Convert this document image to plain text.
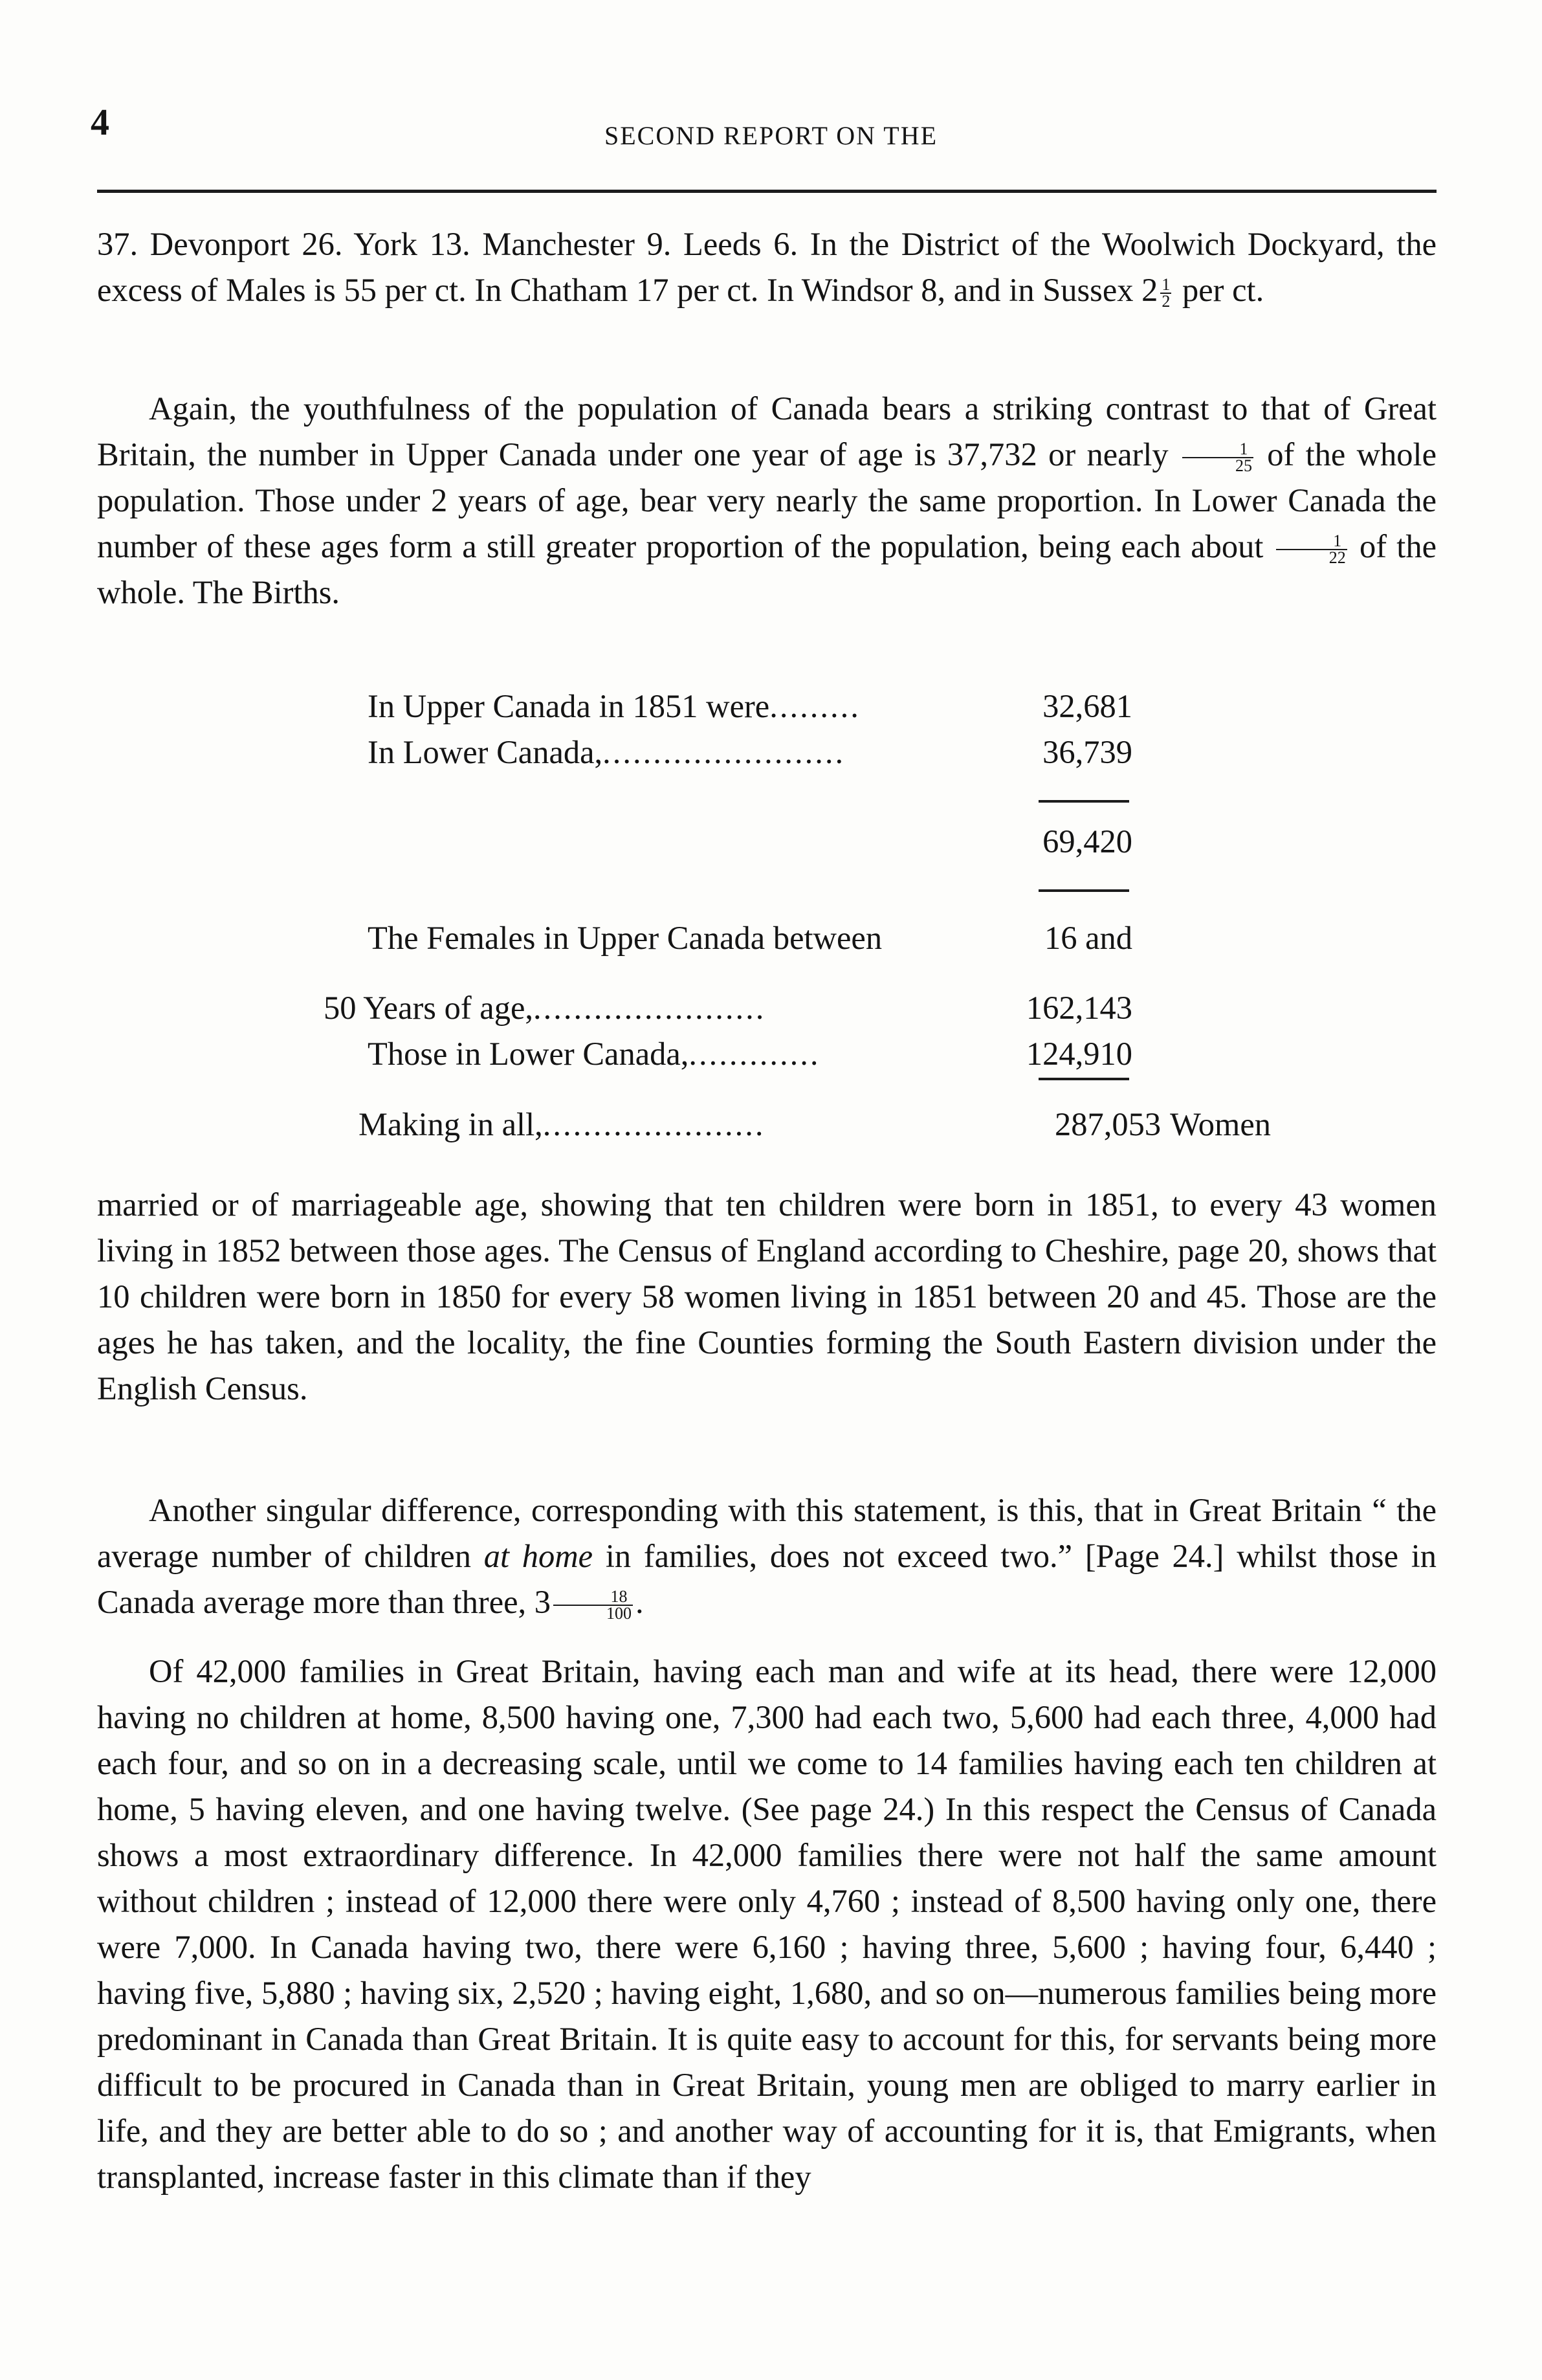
4	SECOND REPORT ON THE

37. Devonport 26. York 13. Manchester 9. Leeds 6. In the District of the Woolwich Dockyard, the excess of Males is 55 per ct. In Chatham 17 per ct. In Windsor 8, and in Sussex $2 \frac{1}{2}$ per ct.

Again, the youthfulness of the population of Canada bears a striking contrast to that of Great Britain, the number in Upper Canada under one year of age is 37,732 or nearly $\frac{1}{25}$ of the whole population. Those under 2 years of age, bear very nearly the same proportion. In Lower Canada the number of these ages form a still greater proportion of the population, being each about $\frac{1}{22}$ of the whole. The Births.

In Upper Canada in 1851 were .........	32,681
In Lower Canada, ........................	36,739
69,420
The Females in Upper Canada between	16 and
50 Years of age, .......................	162,143
Those in Lower Canada, .............	124,910
Making in all, ......................	287,053 Women

married or of marriageable age, showing that ten children were born in 1851, to every 43 women living in 1852 between those ages. The Census of England according to Cheshire, page 20, shows that 10 children were born in 1850 for every 58 women living in 1851 between 20 and 45. Those are the ages he has taken, and the locality, the fine Counties forming the South Eastern division under the English Census.

Another singular difference, corresponding with this statement, is this, that in Great Britain “ the average number of children at home in families, does not exceed two.” [Page 24.] whilst those in Canada average more than three, $3 \frac{18}{100}$ .

Of 42,000 families in Great Britain, having each man and wife at its head, there were 12,000 having no children at home, 8,500 having one, 7,300 had each two, 5,600 had each three, 4,000 had each four, and so on in a decreasing scale, until we come to 14 families having each ten children at home, 5 having eleven, and one having twelve. (See page 24.) In this respect the Census of Canada shows a most extraordinary difference. In 42,000 families there were not half the same amount without children ; instead of 12,000 there were only 4,760 ; instead of 8,500 having only one, there were 7,000. In Canada having two, there were 6,160 ; having three, 5,600 ; having four, 6,440 ; having five, 5,880 ; having six, 2,520 ; having eight, 1,680, and so on—numerous families being more predominant in Canada than Great Britain. It is quite easy to account for this, for servants being more difficult to be procured in Canada than in Great Britain, young men are obliged to marry earlier in life, and they are better able to do so ; and another way of accounting for it is, that Emigrants, when transplanted, increase faster in this climate than if they
